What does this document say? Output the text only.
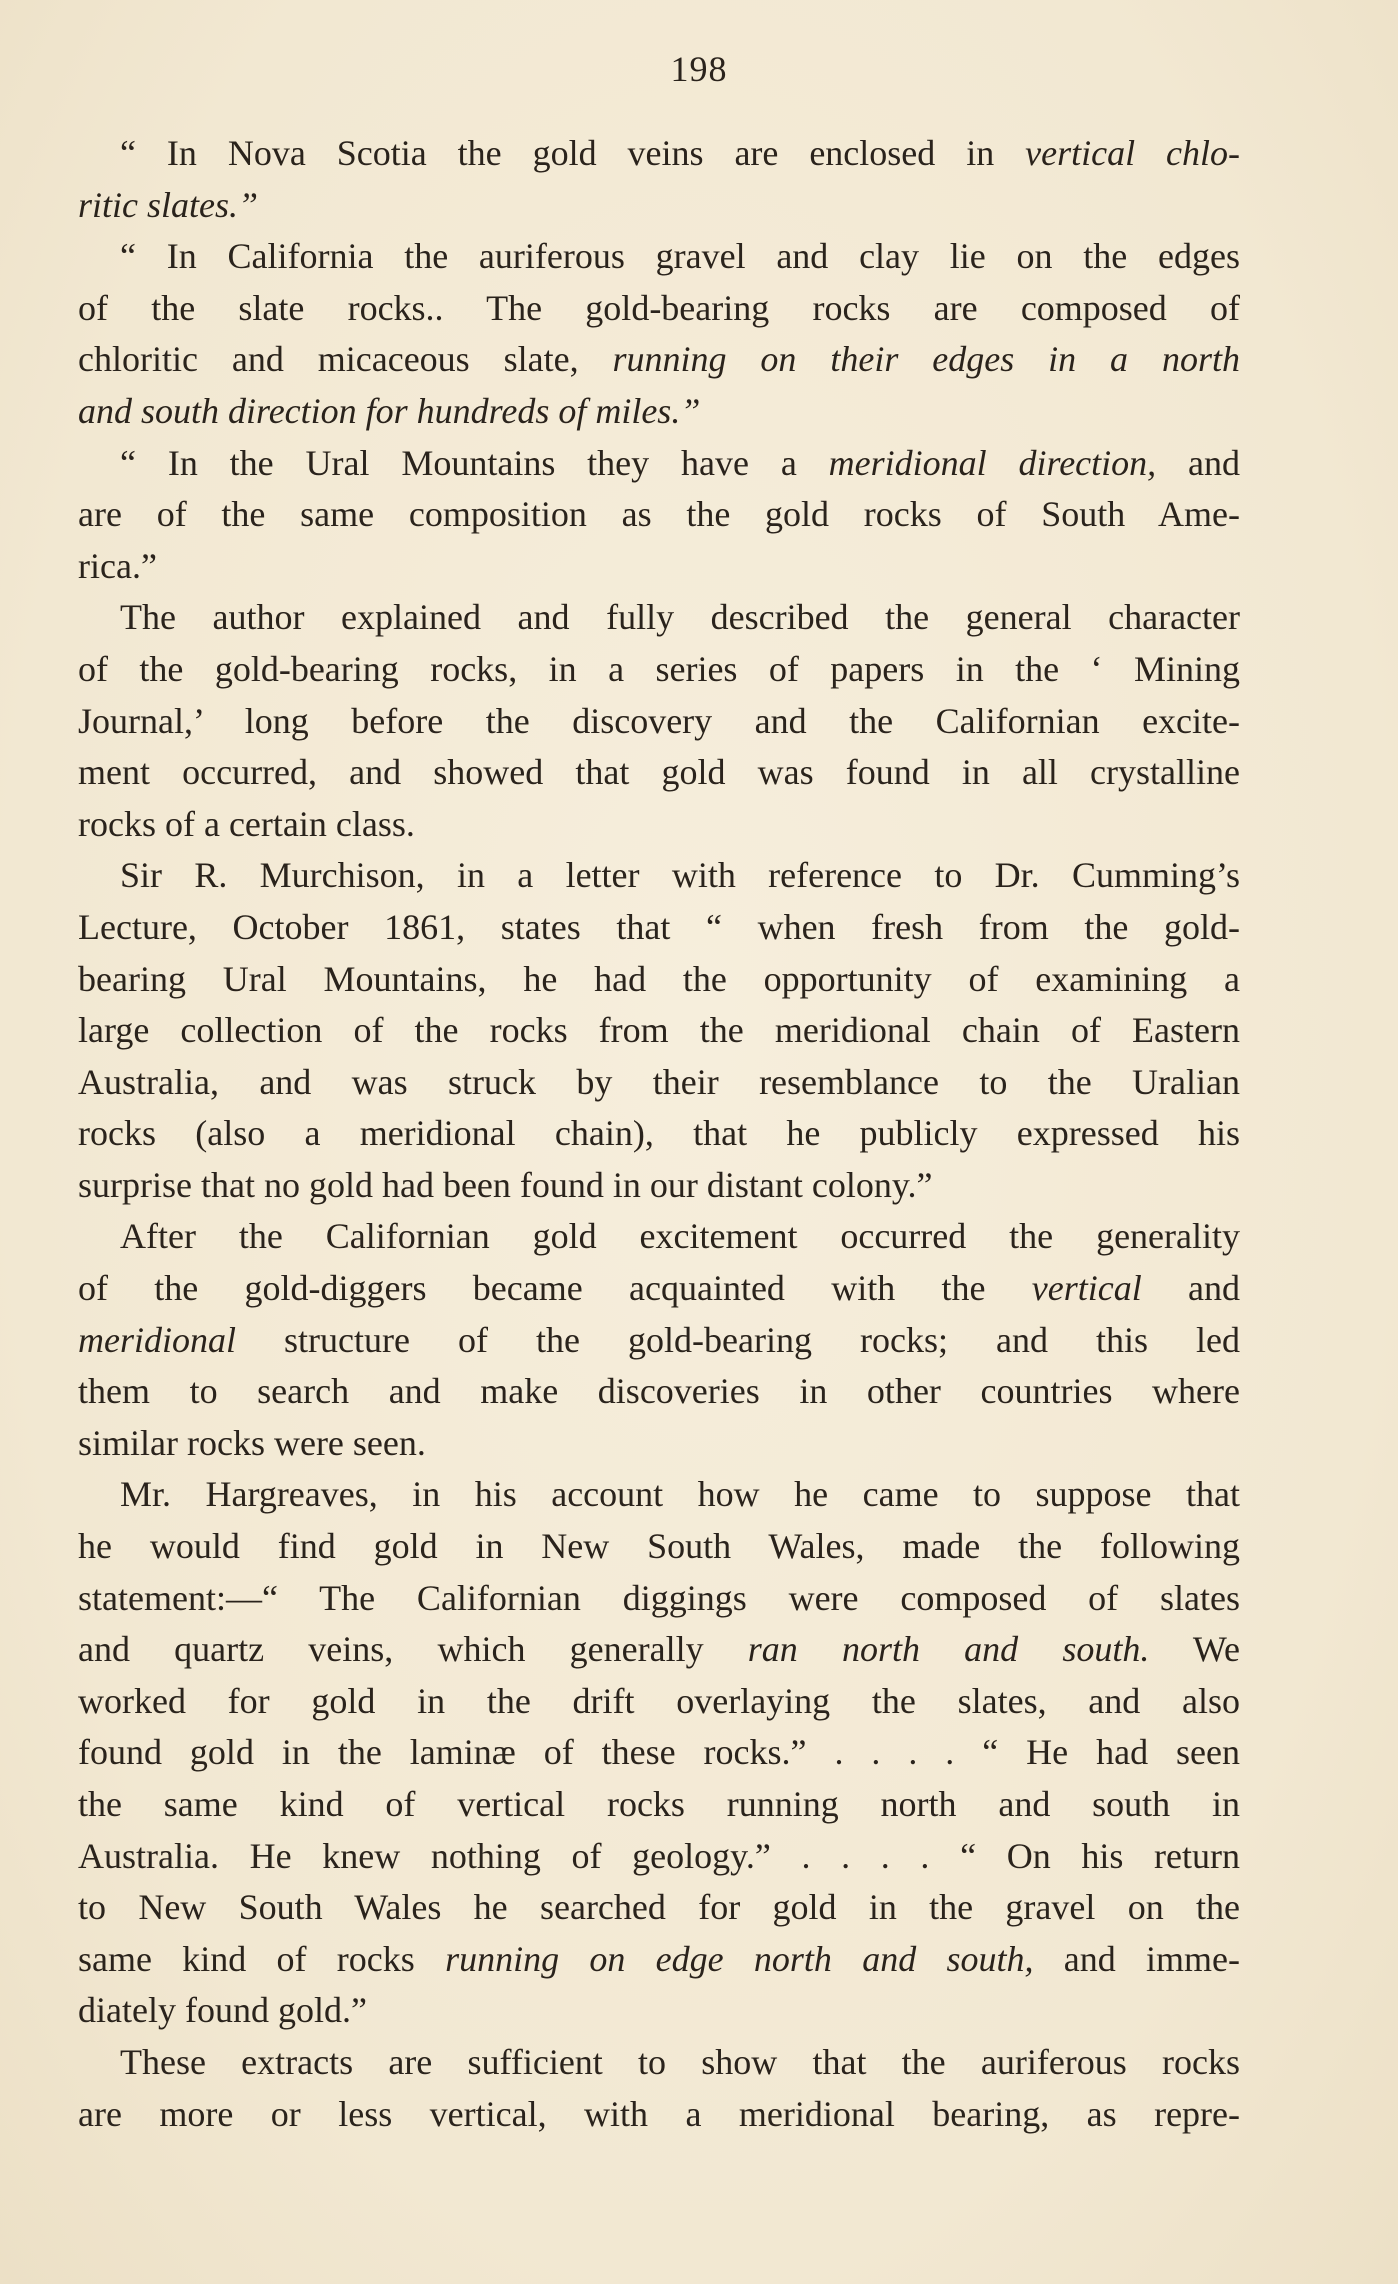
198
“ In Nova Scotia the gold veins are enclosed in vertical chlo-
ritic slates.”
“ In California the auriferous gravel and clay lie on the edges
of the slate rocks.. The gold-bearing rocks are composed of
chloritic and micaceous slate, running on their edges in a north
and south direction for hundreds of miles.”
“ In the Ural Mountains they have a meridional direction, and
are of the same composition as the gold rocks of South Ame-
rica.”
The author explained and fully described the general character
of the gold-bearing rocks, in a series of papers in the ‘ Mining
Journal,’ long before the discovery and the Californian excite-
ment occurred, and showed that gold was found in all crystalline
rocks of a certain class.
Sir R. Murchison, in a letter with reference to Dr. Cumming’s
Lecture, October 1861, states that “ when fresh from the gold-
bearing Ural Mountains, he had the opportunity of examining a
large collection of the rocks from the meridional chain of Eastern
Australia, and was struck by their resemblance to the Uralian
rocks (also a meridional chain), that he publicly expressed his
surprise that no gold had been found in our distant colony.”
After the Californian gold excitement occurred the generality
of the gold-diggers became acquainted with the vertical and
meridional structure of the gold-bearing rocks; and this led
them to search and make discoveries in other countries where
similar rocks were seen.
Mr. Hargreaves, in his account how he came to suppose that
he would find gold in New South Wales, made the following
statement:—“ The Californian diggings were composed of slates
and quartz veins, which generally ran north and south. We
worked for gold in the drift overlaying the slates, and also
found gold in the laminæ of these rocks.” . . . . “ He had seen
the same kind of vertical rocks running north and south in
Australia. He knew nothing of geology.” . . . . “ On his return
to New South Wales he searched for gold in the gravel on the
same kind of rocks running on edge north and south, and imme-
diately found gold.”
These extracts are sufficient to show that the auriferous rocks
are more or less vertical, with a meridional bearing, as repre-
